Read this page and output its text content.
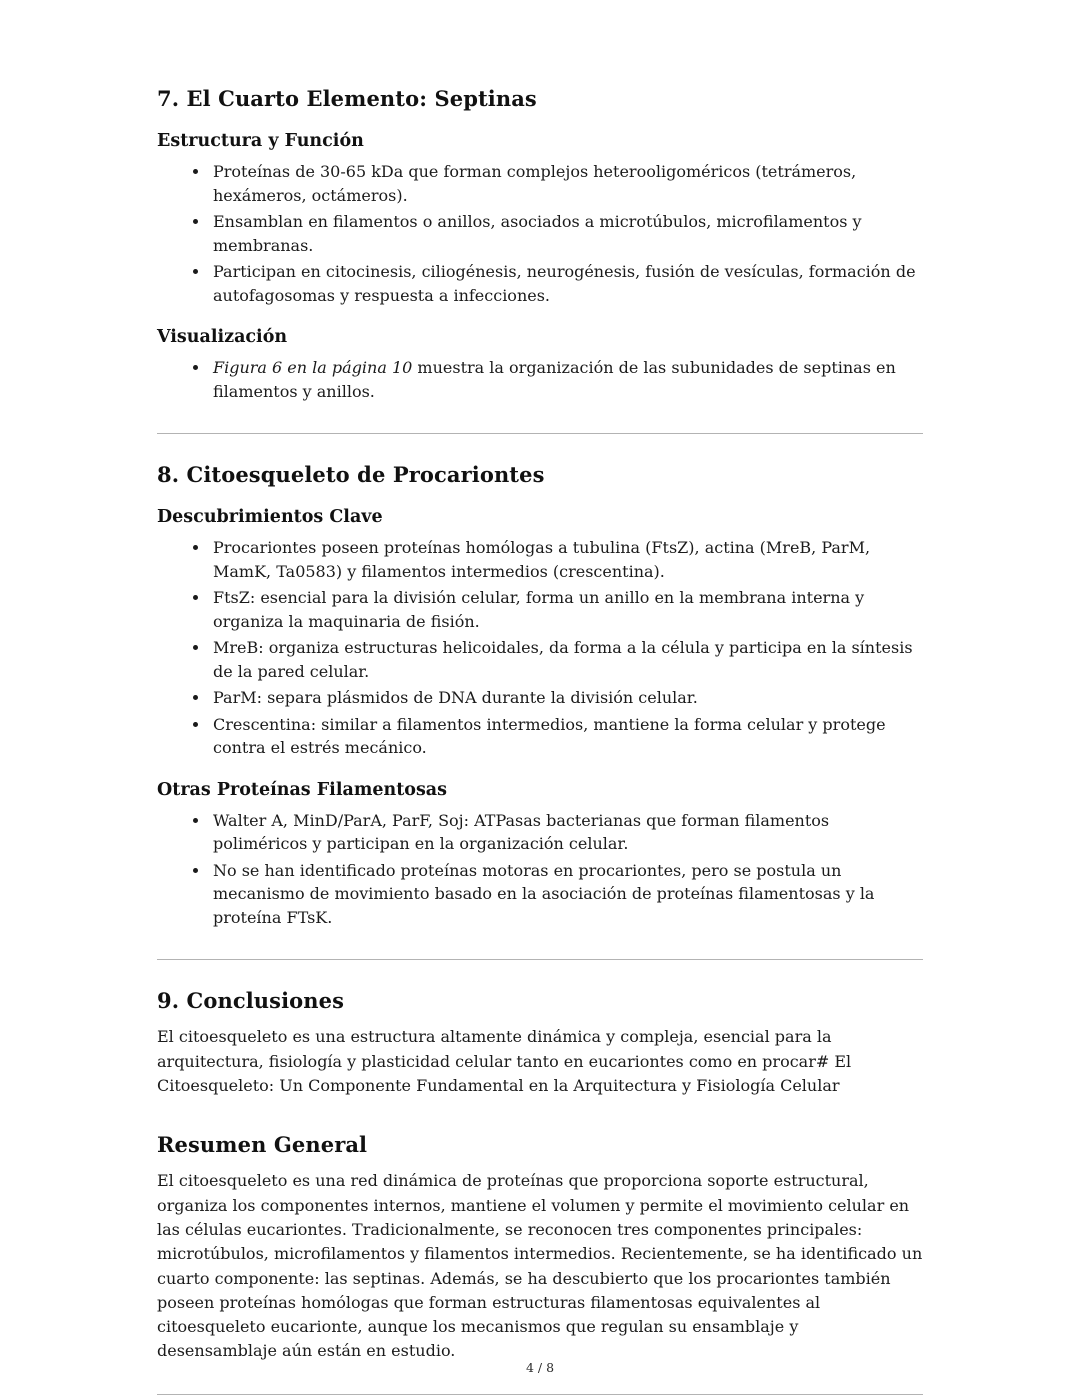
7. El Cuarto Elemento: Septinas
Estructura y Función
• Proteínas de 30-65 kDa que forman complejos heterooligoméricos (tetrámeros, hexámeros, octámeros).
• Ensamblan en filamentos o anillos, asociados a microtúbulos, microfilamentos y membranas.
• Participan en citocinesis, ciliogénesis, neurogénesis, fusión de vesículas, formación de autofagosomas y respuesta a infecciones.
Visualización
• Figura 6 en la página 10 muestra la organización de las subunidades de septinas en filamentos y anillos.
8. Citoesqueleto de Procariontes
Descubrimientos Clave
• Procariontes poseen proteínas homólogas a tubulina (FtsZ), actina (MreB, ParM, MamK, Ta0583) y filamentos intermedios (crescentina).
• FtsZ: esencial para la división celular, forma un anillo en la membrana interna y organiza la maquinaria de fisión.
• MreB: organiza estructuras helicoidales, da forma a la célula y participa en la síntesis de la pared celular.
• ParM: separa plásmidos de DNA durante la división celular.
• Crescentina: similar a filamentos intermedios, mantiene la forma celular y protege contra el estrés mecánico.
Otras Proteínas Filamentosas
• Walter A, MinD/ParA, ParF, Soj: ATPasas bacterianas que forman filamentos poliméricos y participan en la organización celular.
• No se han identificado proteínas motoras en procariontes, pero se postula un mecanismo de movimiento basado en la asociación de proteínas filamentosas y la proteína FTsK.
9. Conclusiones

El citoesqueleto es una estructura altamente dinámica y compleja, esencial para la arquitectura, fisiología y plasticidad celular tanto en eucariontes como en procar# El Citoesqueleto: Un Componente Fundamental en la Arquitectura y Fisiología Celular

Resumen General

El citoesqueleto es una red dinámica de proteínas que proporciona soporte estructural, organiza los componentes internos, mantiene el volumen y permite el movimiento celular en las células eucariontes. Tradicionalmente, se reconocen tres componentes principales: microtúbulos, microfilamentos y filamentos intermedios. Recientemente, se ha identificado un cuarto componente: las septinas. Además, se ha descubierto que los procariontes también poseen proteínas homólogas que forman estructuras filamentosas equivalentes al citoesqueleto eucarionte, aunque los mecanismos que regulan su ensamblaje y desensamblaje aún están en estudio.

4 / 8
